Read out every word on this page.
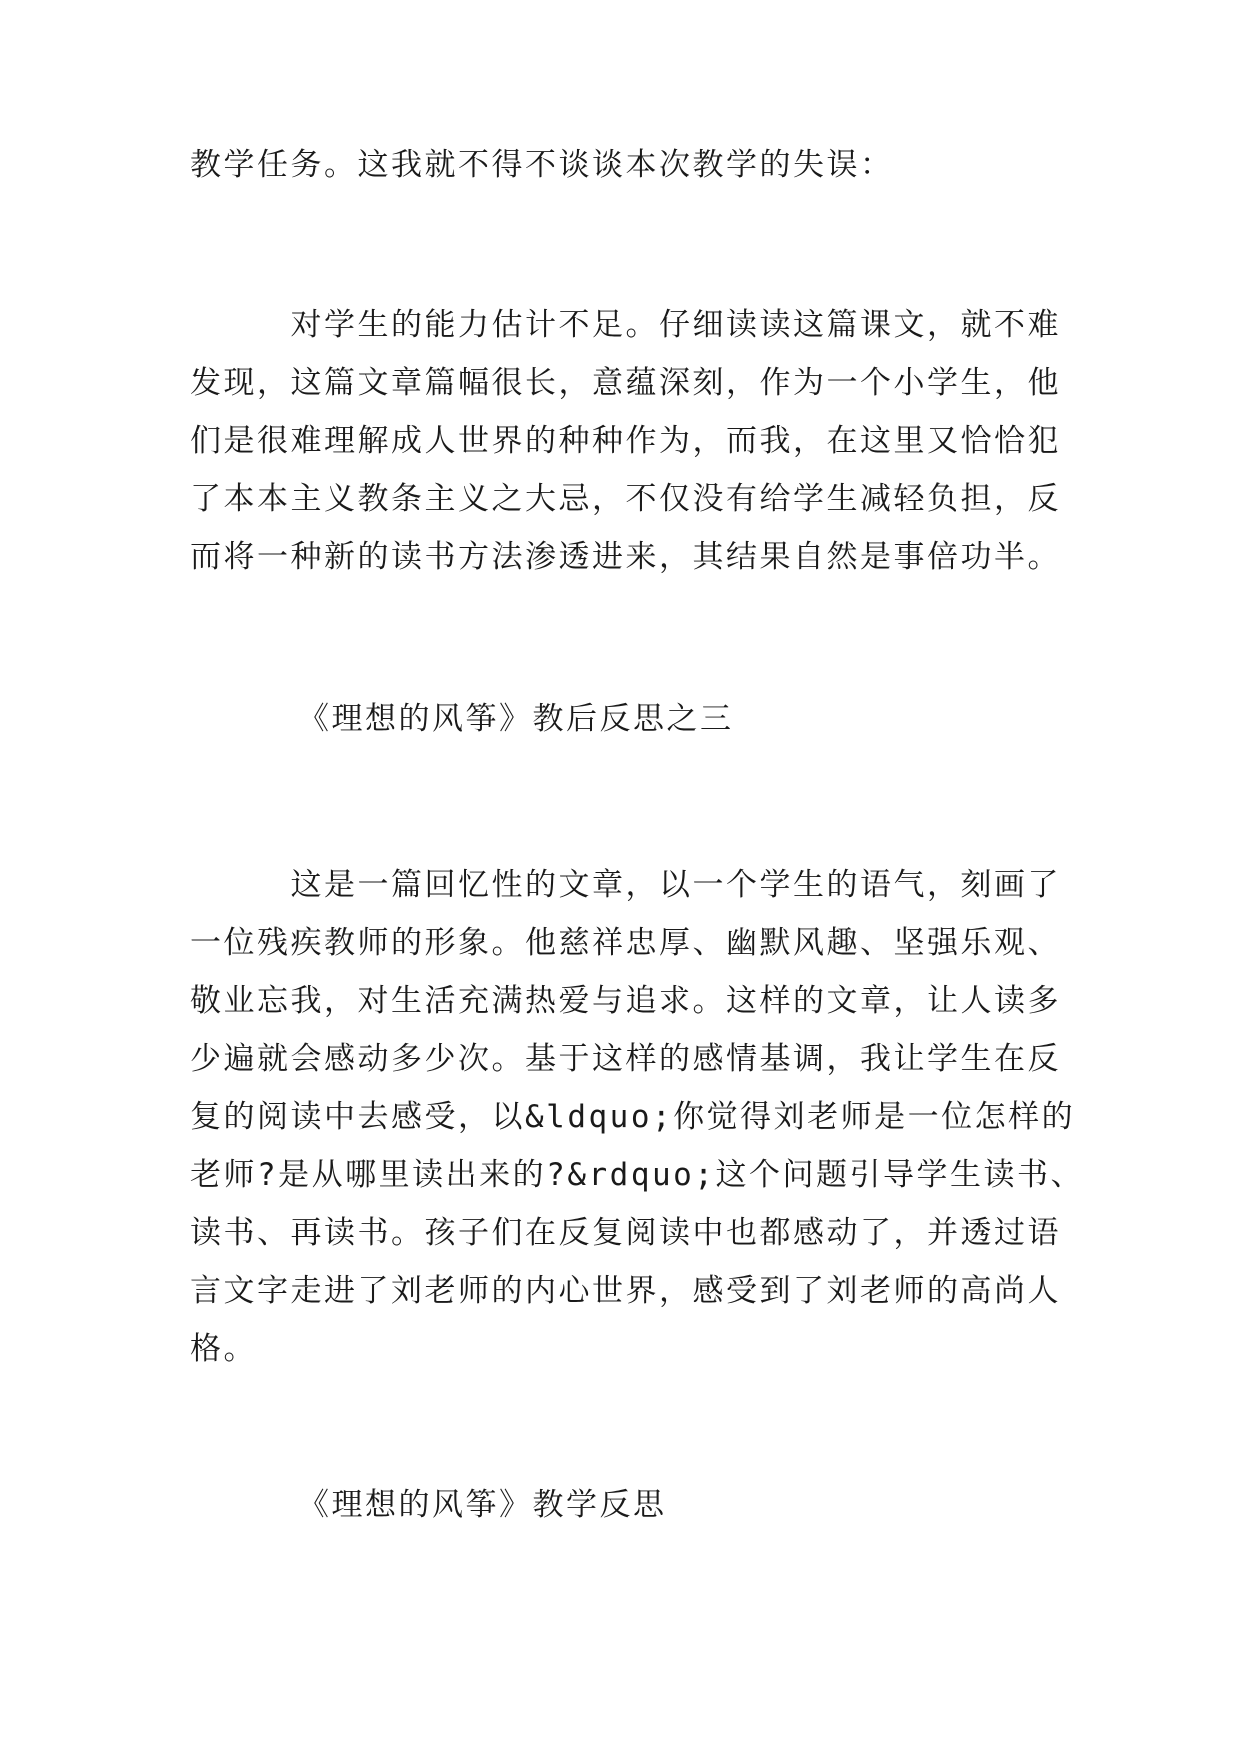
教学任务。这我就不得不谈谈本次教学的失误：
　　　对学生的能力估计不足。仔细读读这篇课文，就不难
发现，这篇文章篇幅很长，意蕴深刻，作为一个小学生，他
们是很难理解成人世界的种种作为，而我，在这里又恰恰犯
了本本主义教条主义之大忌，不仅没有给学生减轻负担，反
而将一种新的读书方法渗透进来，其结果自然是事倍功半。
《理想的风筝》教后反思之三
　　　这是一篇回忆性的文章，以一个学生的语气，刻画了
一位残疾教师的形象。他慈祥忠厚、幽默风趣、坚强乐观、
敬业忘我，对生活充满热爱与追求。这样的文章，让人读多
少遍就会感动多少次。基于这样的感情基调，我让学生在反
复的阅读中去感受，以&ldquo;你觉得刘老师是一位怎样的
老师?是从哪里读出来的?&rdquo;这个问题引导学生读书、
读书、再读书。孩子们在反复阅读中也都感动了，并透过语
言文字走进了刘老师的内心世界，感受到了刘老师的高尚人
格。
《理想的风筝》教学反思
